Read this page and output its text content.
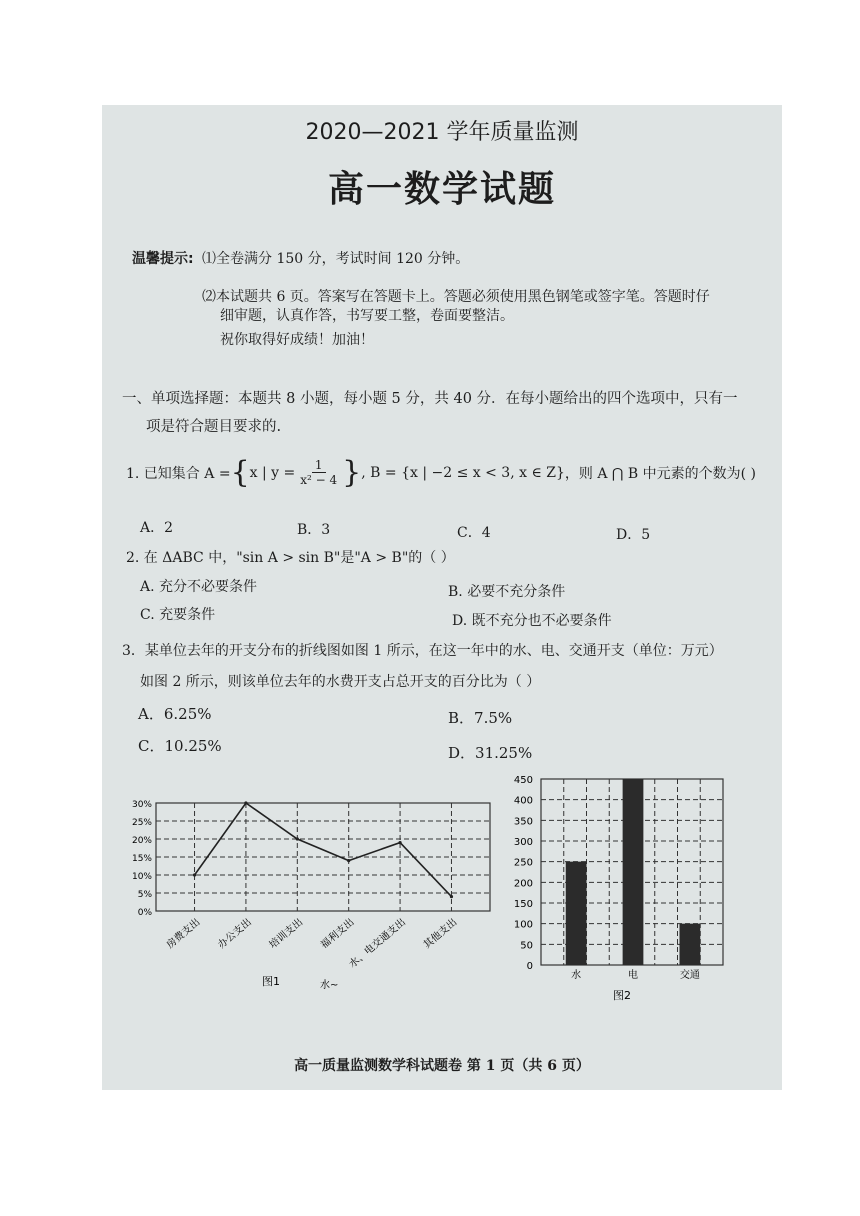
2020—2021 学年质量监测
高一数学试题
温馨提示: ⑴全卷满分 150 分，考试时间 120 分钟。
⑵本试题共 6 页。答案写在答题卡上。答题必须使用黑色钢笔或签字笔。答题时仔
细审题，认真作答，书写要工整，卷面要整洁。
祝你取得好成绩！加油！
一、单项选择题：本题共 8 小题，每小题 5 分，共 40 分．在每小题给出的四个选项中，只有一
项是符合题目要求的.
1. 已知集合 A = { x | $y = \frac{1}{\text{x² − 4}}$ } , B = {x | −2 ≤ x < 3, x ∈ Z} ，则 A ⋂ B 中元素的个数为( )
A．2	B．3	C．4	D．5
2. 在 ΔABC 中，"sin A > sin B"是"A > B"的（ ）
A. 充分不必要条件	B. 必要不充分条件
C. 充要条件	D. 既不充分也不必要条件
3．某单位去年的开支分布的折线图如图 1 所示，在这一年中的水、电、交通开支（单位：万元）
如图 2 所示，则该单位去年的水费开支占总开支的百分比为（ ）
A．6.25%	B．7.5%
C．10.25%	D．31.25%
图1	水~
0%
5%
10%
15%
20%
25%
30%
房费支出 办公支出 培训支出 福利支出
水、电交通支出 其他支出
图2
0
50
100
150
200
250
300
350
400
450
水	电	交通
高一质量监测数学科试题卷 第 1 页（共 6 页）
